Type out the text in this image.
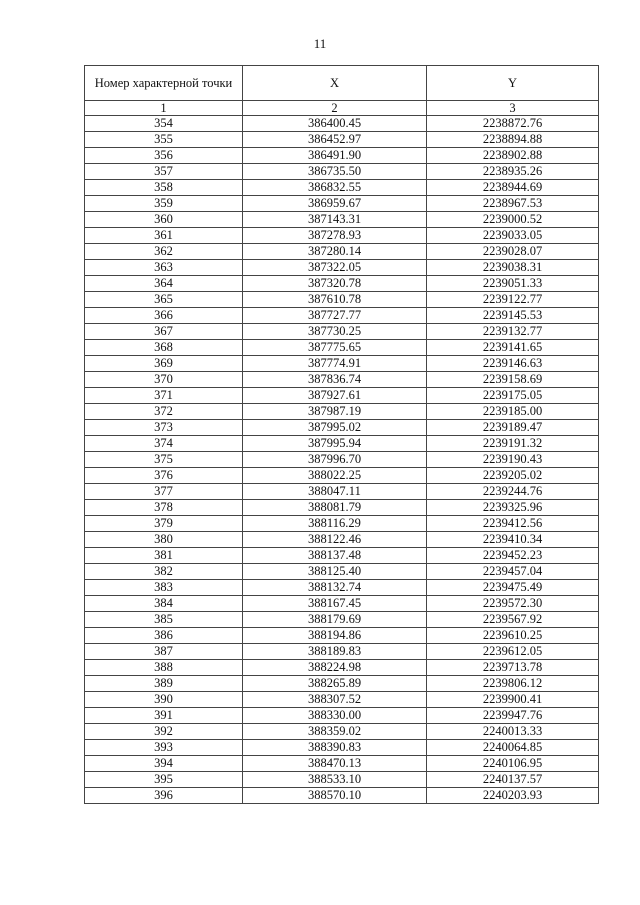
11
Номер характерной точки	X	Y
1	2	3
354	386400.45	2238872.76
355	386452.97	2238894.88
356	386491.90	2238902.88
357	386735.50	2238935.26
358	386832.55	2238944.69
359	386959.67	2238967.53
360	387143.31	2239000.52
361	387278.93	2239033.05
362	387280.14	2239028.07
363	387322.05	2239038.31
364	387320.78	2239051.33
365	387610.78	2239122.77
366	387727.77	2239145.53
367	387730.25	2239132.77
368	387775.65	2239141.65
369	387774.91	2239146.63
370	387836.74	2239158.69
371	387927.61	2239175.05
372	387987.19	2239185.00
373	387995.02	2239189.47
374	387995.94	2239191.32
375	387996.70	2239190.43
376	388022.25	2239205.02
377	388047.11	2239244.76
378	388081.79	2239325.96
379	388116.29	2239412.56
380	388122.46	2239410.34
381	388137.48	2239452.23
382	388125.40	2239457.04
383	388132.74	2239475.49
384	388167.45	2239572.30
385	388179.69	2239567.92
386	388194.86	2239610.25
387	388189.83	2239612.05
388	388224.98	2239713.78
389	388265.89	2239806.12
390	388307.52	2239900.41
391	388330.00	2239947.76
392	388359.02	2240013.33
393	388390.83	2240064.85
394	388470.13	2240106.95
395	388533.10	2240137.57
396	388570.10	2240203.93
